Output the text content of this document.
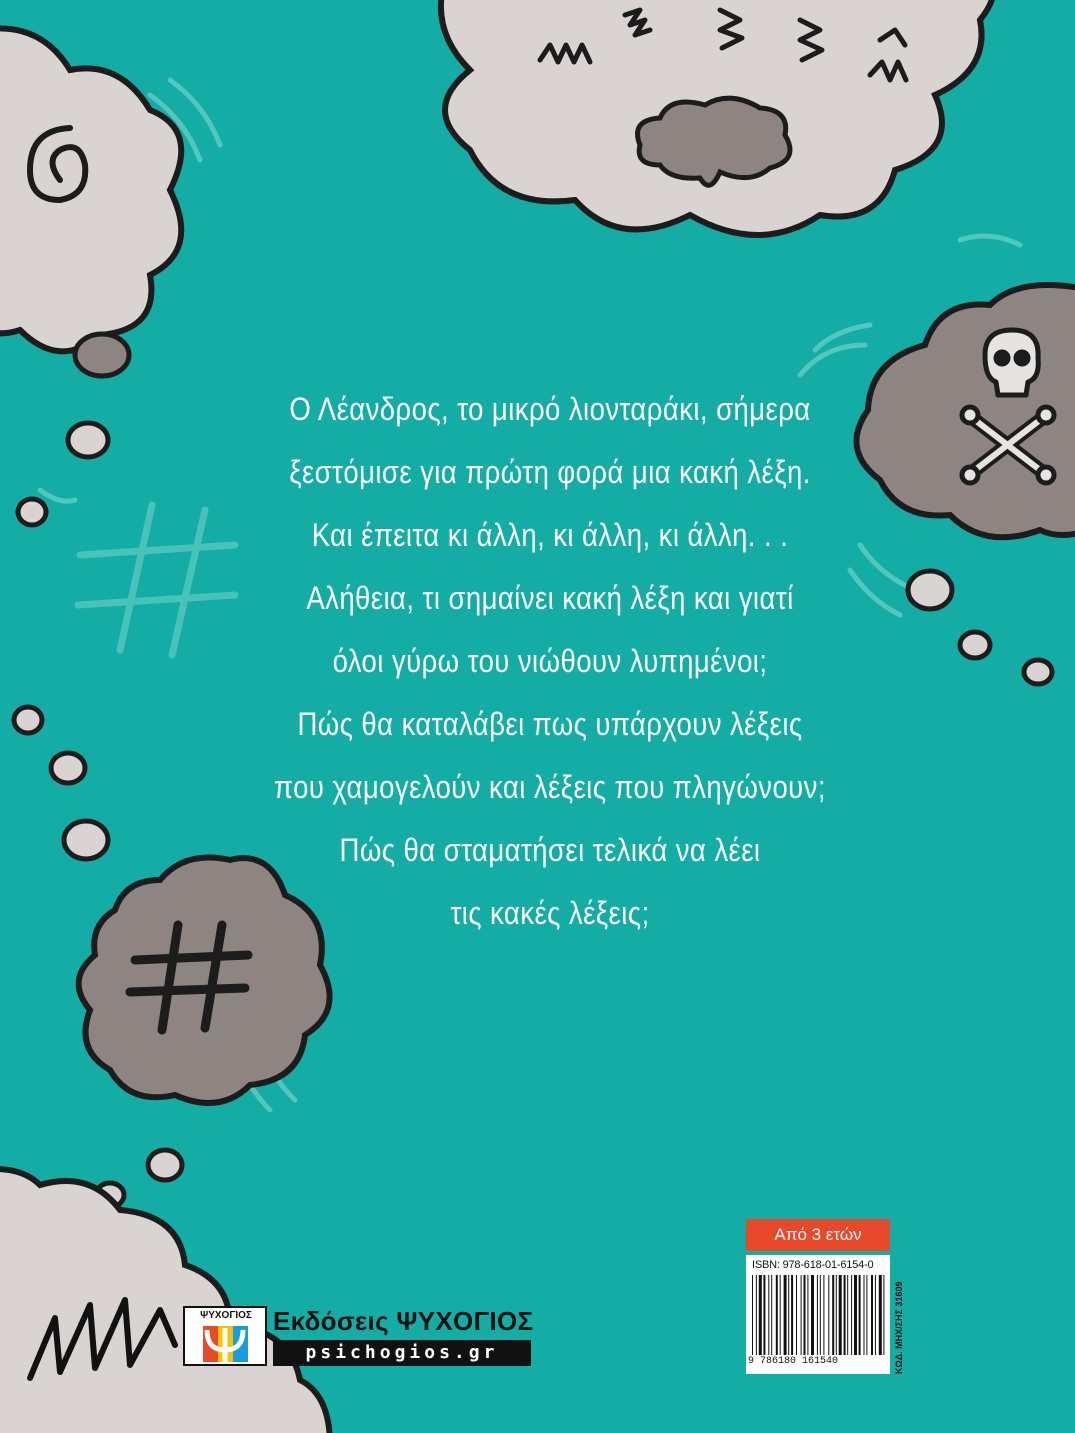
Ο Λέανδρος, το μικρό λιονταράκι, σήμερα
ξεστόμισε για πρώτη φορά μια κακή λέξη.
Και έπειτα κι άλλη, κι άλλη, κι άλλη. . .
Αλήθεια, τι σημαίνει κακή λέξη και γιατί
όλοι γύρω του νιώθουν λυπημένοι;
Πώς θα καταλάβει πως υπάρχουν λέξεις
που χαμογελούν και λέξεις που πληγώνουν;
Πώς θα σταματήσει τελικά να λέει
τις κακές λέξεις;
Από 3 ετών
ISBN: 978-618-01-6154-0
9 786180 161540	ΚΩΔ. ΜΗΧ/ΣΗΣ 31609
ΨΥΧΟΓΙΟΣ Εκδόσεις ΨΥΧΟΓΙΟΣ
psichogios.gr
